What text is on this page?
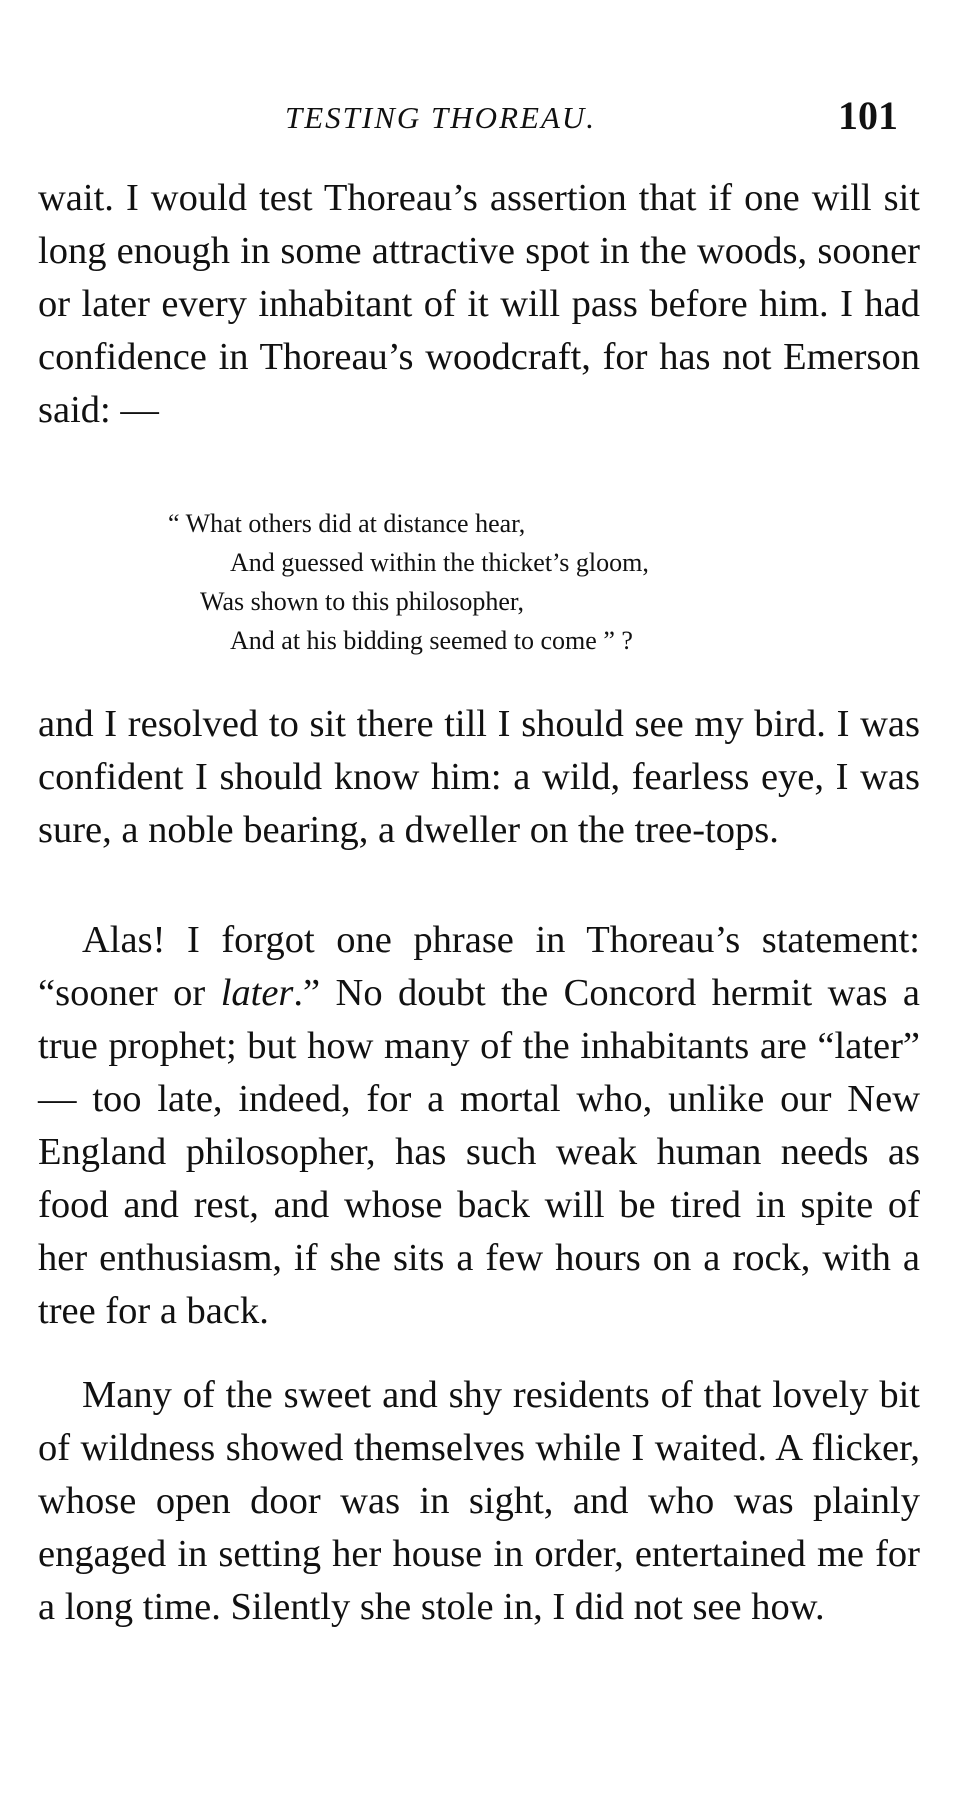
TESTING THOREAU.	101

wait. I would test Thoreau’s assertion that if one will sit long enough in some attractive spot in the woods, sooner or later every inhabitant of it will pass before him. I had confidence in Thoreau’s woodcraft, for has not Emerson said: —

“ What others did at distance hear,
And guessed within the thicket’s gloom,
Was shown to this philosopher,
And at his bidding seemed to come ” ?

and I resolved to sit there till I should see my bird. I was confident I should know him: a wild, fearless eye, I was sure, a noble bearing, a dweller on the tree-tops.

Alas! I forgot one phrase in Thoreau’s statement: “sooner or later.” No doubt the Concord hermit was a true prophet; but how many of the inhabitants are “later” — too late, indeed, for a mortal who, unlike our New England philosopher, has such weak human needs as food and rest, and whose back will be tired in spite of her enthusiasm, if she sits a few hours on a rock, with a tree for a back.

Many of the sweet and shy residents of that lovely bit of wildness showed themselves while I waited. A flicker, whose open door was in sight, and who was plainly engaged in setting her house in order, entertained me for a long time. Silently she stole in, I did not see how.
